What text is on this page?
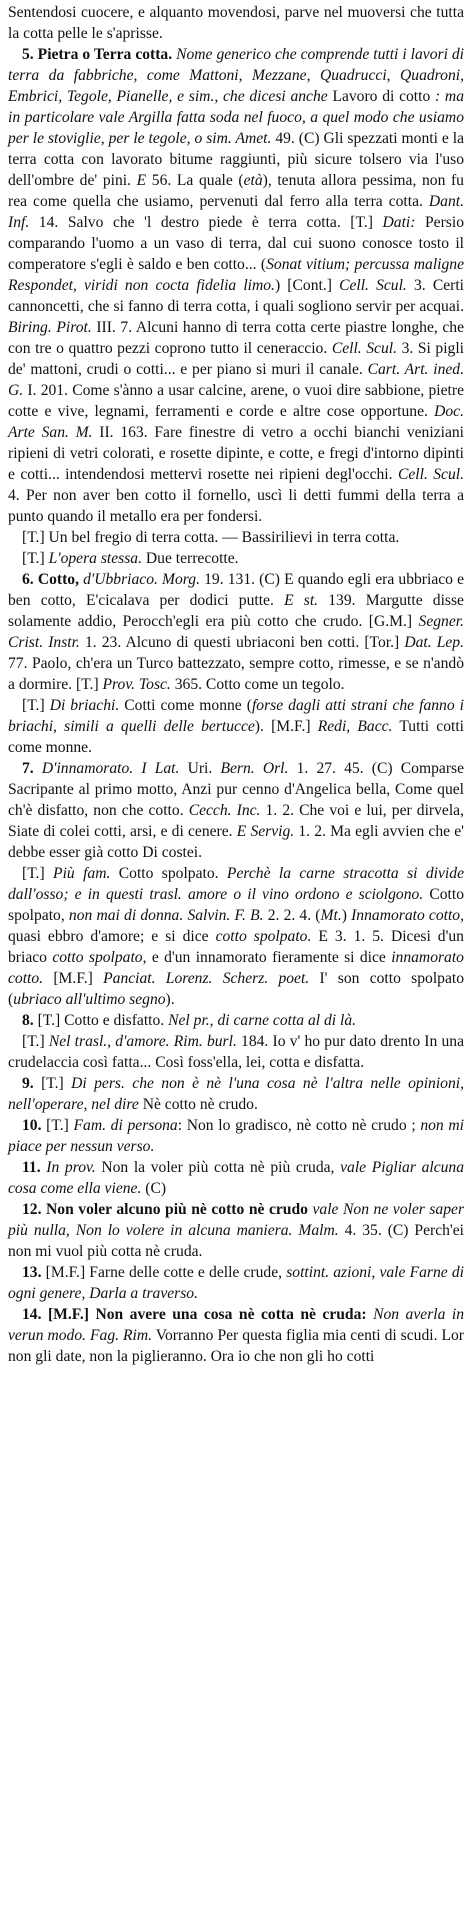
Sentendosi cuocere, e alquanto movendosi, parve nel muoversi che tutta la cotta pelle le s'aprisse.

5. Pietra o Terra cotta. Nome generico che comprende tutti i lavori di terra da fabbriche, come Mattoni, Mezzane, Quadrucci, Quadroni, Embrici, Tegole, Pianelle, e sim., che dicesi anche Lavoro di cotto : ma in particolare vale Argilla fatta soda nel fuoco, a quel modo che usiamo per le stoviglie, per le tegole, o sim. Amet. 49. (C) Gli spezzati monti e la terra cotta con lavorato bitume raggiunti, più sicure tolsero via l'uso dell'ombre de' pini. E 56. La quale (età), tenuta allora pessima, non fu rea come quella che usiamo, pervenuti dal ferro alla terra cotta. Dant. Inf. 14. Salvo che 'l destro piede è terra cotta. [T.] Dati: Persio comparando l'uomo a un vaso di terra, dal cui suono conosce tosto il comperatore s'egli è saldo e ben cotto... (Sonat vitium; percussa maligne Respondet, viridi non cocta fidelia limo.) [Cont.] Cell. Scul. 3. Certi cannoncetti, che si fanno di terra cotta, i quali sogliono servir per acquai. Biring. Pirot. III. 7. Alcuni hanno di terra cotta certe piastre longhe, che con tre o quattro pezzi coprono tutto il ceneraccio. Cell. Scul. 3. Si pigli de' mattoni, crudi o cotti... e per piano si muri il canale. Cart. Art. ined. G. I. 201. Come s'ànno a usar calcine, arene, o vuoi dire sabbione, pietre cotte e vive, legnami, ferramenti e corde e altre cose opportune. Doc. Arte San. M. II. 163. Fare finestre di vetro a occhi bianchi veniziani ripieni di vetri colorati, e rosette dipinte, e cotte, e fregi d'intorno dipinti e cotti... intendendosi mettervi rosette nei ripieni degl'occhi. Cell. Scul. 4. Per non aver ben cotto il fornello, uscì li detti fummi della terra a punto quando il metallo era per fondersi.

[T.] Un bel fregio di terra cotta. — Bassirilievi in terra cotta.

[T.] L'opera stessa. Due terrecotte.

6. Cotto, d'Ubbriaco. Morg. 19. 131. (C) E quando egli era ubbriaco e ben cotto, E'cicalava per dodici putte. E st. 139. Margutte disse solamente addio, Perocch'egli era più cotto che crudo. [G.M.] Segner. Crist. Instr. 1. 23. Alcuno di questi ubriaconi ben cotti. [Tor.] Dat. Lep. 77. Paolo, ch'era un Turco battezzato, sempre cotto, rimesse, e se n'andò a dormire. [T.] Prov. Tosc. 365. Cotto come un tegolo.

[T.] Di briachi. Cotti come monne (forse dagli atti strani che fanno i briachi, simili a quelli delle bertucce). [M.F.] Redi, Bacc. Tutti cotti come monne.

7. D'innamorato. I Lat. Uri. Bern. Orl. 1. 27. 45. (C) Comparse Sacripante al primo motto, Anzi pur cenno d'Angelica bella, Come quel ch'è disfatto, non che cotto. Cecch. Inc. 1. 2. Che voi e lui, per dirvela, Siate di colei cotti, arsi, e di cenere. E Servig. 1. 2. Ma egli avvien che e' debbe esser già cotto Di costei.

[T.] Più fam. Cotto spolpato. Perchè la carne stracotta si divide dall'osso; e in questi trasl. amore o il vino ordono e sciolgono. Cotto spolpato, non mai di donna. Salvin. F. B. 2. 2. 4. (Mt.) Innamorato cotto, quasi ebbro d'amore; e si dice cotto spolpato. E 3. 1. 5. Dicesi d'un briaco cotto spolpato, e d'un innamorato fieramente si dice innamorato cotto. [M.F.] Panciat. Lorenz. Scherz. poet. I' son cotto spolpato (ubriaco all'ultimo segno).

8. [T.] Cotto e disfatto. Nel pr., di carne cotta al di là.

[T.] Nel trasl., d'amore. Rim. burl. 184. Io v' ho pur dato drento In una crudelaccia così fatta... Così foss'ella, lei, cotta e disfatta.

9. [T.] Di pers. che non è nè l'una cosa nè l'altra nelle opinioni, nell'operare, nel dire Nè cotto nè crudo.

10. [T.] Fam. di persona: Non lo gradisco, nè cotto nè crudo ; non mi piace per nessun verso.

11. In prov. Non la voler più cotta nè più cruda, vale Pigliar alcuna cosa come ella viene. (C)

12. Non voler alcuno più nè cotto nè crudo vale Non ne voler saper più nulla, Non lo volere in alcuna maniera. Malm. 4. 35. (C) Perch'ei non mi vuol più cotta nè cruda.

13. [M.F.] Farne delle cotte e delle crude, sottint. azioni, vale Farne di ogni genere, Darla a traverso.

14. [M.F.] Non avere una cosa nè cotta nè cruda: Non averla in verun modo. Fag. Rim. Vorranno Per questa figlia mia centi di scudi. Lor non gli date, non la piglieranno. Ora io che non gli ho cotti
